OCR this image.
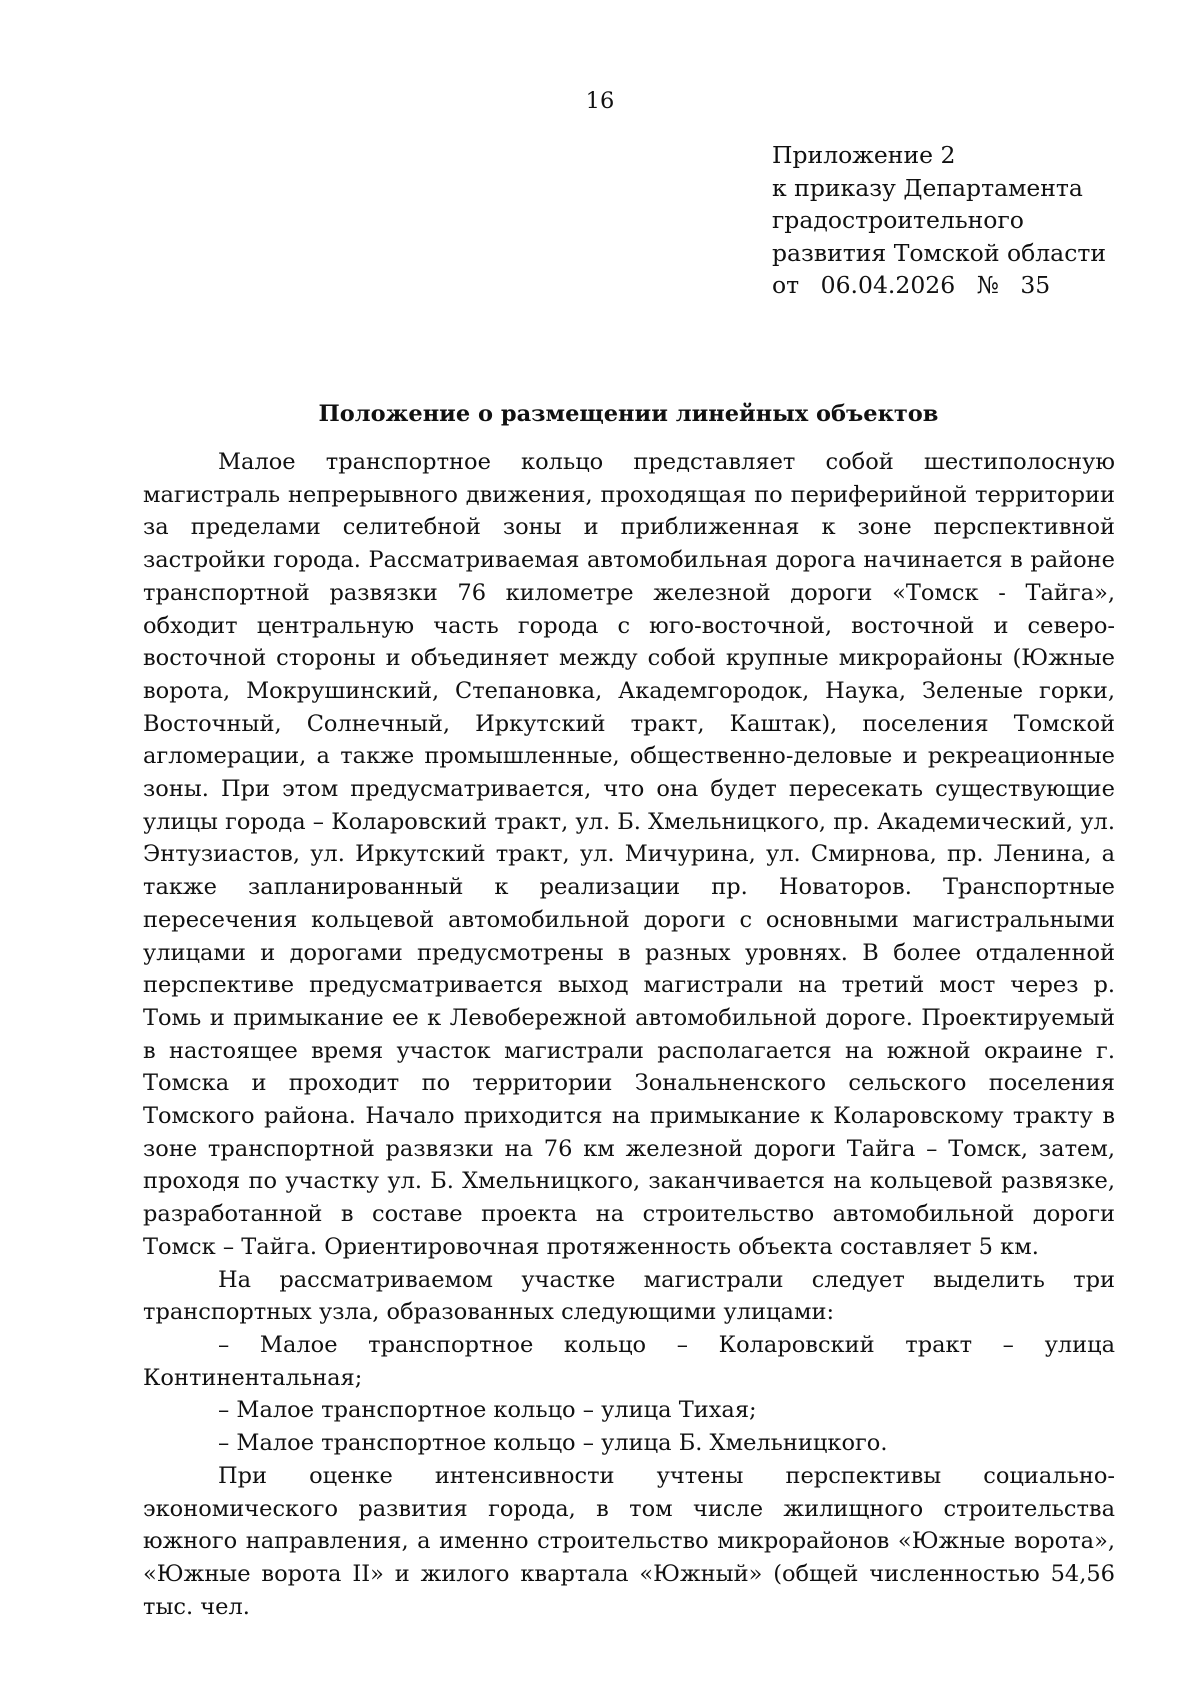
16
Приложение 2
к приказу Департамента
градостроительного
развития Томской области
от 06.04.2026 № 35
Положение о размещении линейных объектов

Малое транспортное кольцо представляет собой шестиполосную магистраль непрерывного движения, проходящая по периферийной территории за пределами селитебной зоны и приближенная к зоне перспективной застройки города. Рассматриваемая автомобильная дорога начинается в районе транспортной развязки 76 километре железной дороги «Томск - Тайга», обходит центральную часть города с юго-восточной, восточной и северо-восточной стороны и объединяет между собой крупные микрорайоны (Южные ворота, Мокрушинский, Степановка, Академгородок, Наука, Зеленые горки, Восточный, Солнечный, Иркутский тракт, Каштак), поселения Томской агломерации, а также промышленные, общественно-деловые и рекреационные зоны. При этом предусматривается, что она будет пересекать существующие улицы города – Коларовский тракт, ул. Б. Хмельницкого, пр. Академический, ул. Энтузиастов, ул. Иркутский тракт, ул. Мичурина, ул. Смирнова, пр. Ленина, а также запланированный к реализации пр. Новаторов. Транспортные пересечения кольцевой автомобильной дороги с основными магистральными улицами и дорогами предусмотрены в разных уровнях. В более отдаленной перспективе предусматривается выход магистрали на третий мост через р. Томь и примыкание ее к Левобережной автомобильной дороге. Проектируемый в настоящее время участок магистрали располагается на южной окраине г. Томска и проходит по территории Зональненского сельского поселения Томского района. Начало приходится на примыкание к Коларовскому тракту в зоне транспортной развязки на 76 км железной дороги Тайга – Томск, затем, проходя по участку ул. Б. Хмельницкого, заканчивается на кольцевой развязке, разработанной в составе проекта на строительство автомобильной дороги Томск – Тайга. Ориентировочная протяженность объекта составляет 5 км.

На рассматриваемом участке магистрали следует выделить три транспортных узла, образованных следующими улицами:

– Малое транспортное кольцо – Коларовский тракт – улица Континентальная;

– Малое транспортное кольцо – улица Тихая;

– Малое транспортное кольцо – улица Б. Хмельницкого.

При оценке интенсивности учтены перспективы социально-экономического развития города, в том числе жилищного строительства южного направления, а именно строительство микрорайонов «Южные ворота», «Южные ворота II» и жилого квартала «Южный» (общей численностью 54,56 тыс. чел.
